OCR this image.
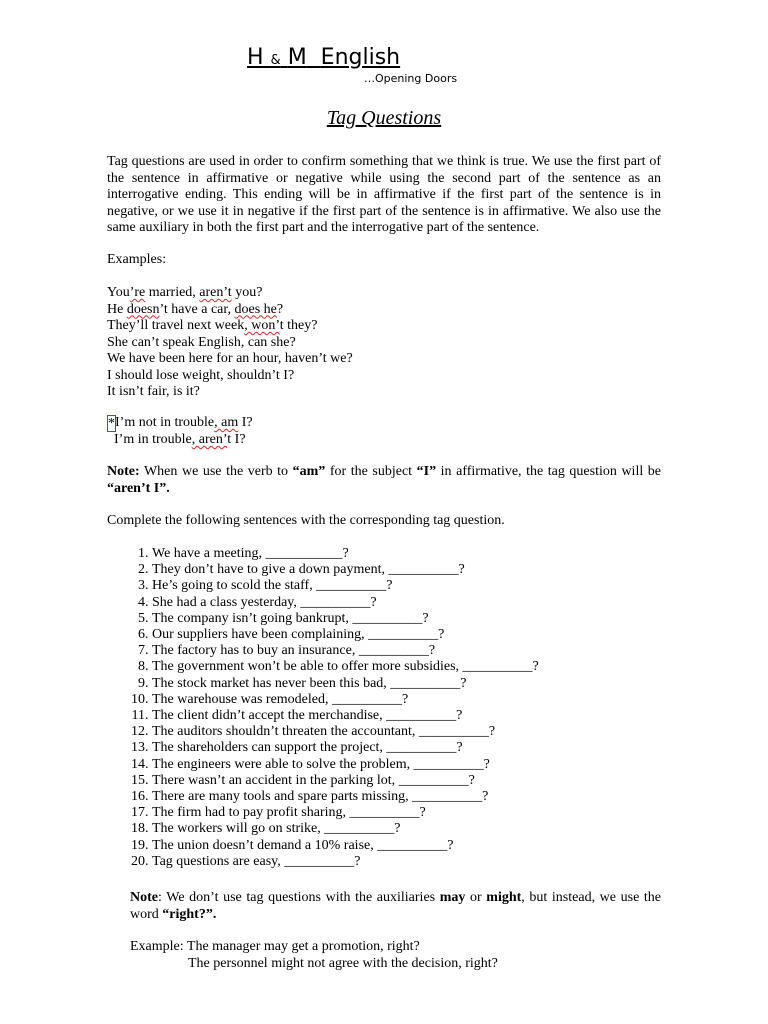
H & M English
…Opening Doors
Tag Questions
Tag questions are used in order to confirm something that we think is true. We use the first part of the sentence in affirmative or negative while using the second part of the sentence as an interrogative ending. This ending will be in affirmative if the first part of the sentence is in negative, or we use it in negative if the first part of the sentence is in affirmative. We also use the same auxiliary in both the first part and the interrogative part of the sentence.
Examples:
You’re married, aren’t you?
He doesn’t have a car, does he?
They’ll travel next week, won’t they?
She can’t speak English, can she?
We have been here for an hour, haven’t we?
I should lose weight, shouldn’t I?
It isn’t fair, is it?
*I’m not in trouble, am I?
I’m in trouble, aren’t I?
Note: When we use the verb to “am” for the subject “I” in affirmative, the tag question will be “aren’t I”.
Complete the following sentences with the corresponding tag question.
1. We have a meeting, ___________?
2. They don’t have to give a down payment, __________?
3. He’s going to scold the staff, __________?
4. She had a class yesterday, __________?
5. The company isn’t going bankrupt, __________?
6. Our suppliers have been complaining, __________?
7. The factory has to buy an insurance, __________?
8. The government won’t be able to offer more subsidies, __________?
9. The stock market has never been this bad, __________?
10. The warehouse was remodeled, __________?
11. The client didn’t accept the merchandise, __________?
12. The auditors shouldn’t threaten the accountant, __________?
13. The shareholders can support the project, __________?
14. The engineers were able to solve the problem, __________?
15. There wasn’t an accident in the parking lot, __________?
16. There are many tools and spare parts missing, __________?
17. The firm had to pay profit sharing, __________?
18. The workers will go on strike, __________?
19. The union doesn’t demand a 10% raise, __________?
20. Tag questions are easy, __________?
Note: We don’t use tag questions with the auxiliaries may or might, but instead, we use the word “right?”.
Example: The manager may get a promotion, right?
The personnel might not agree with the decision, right?
